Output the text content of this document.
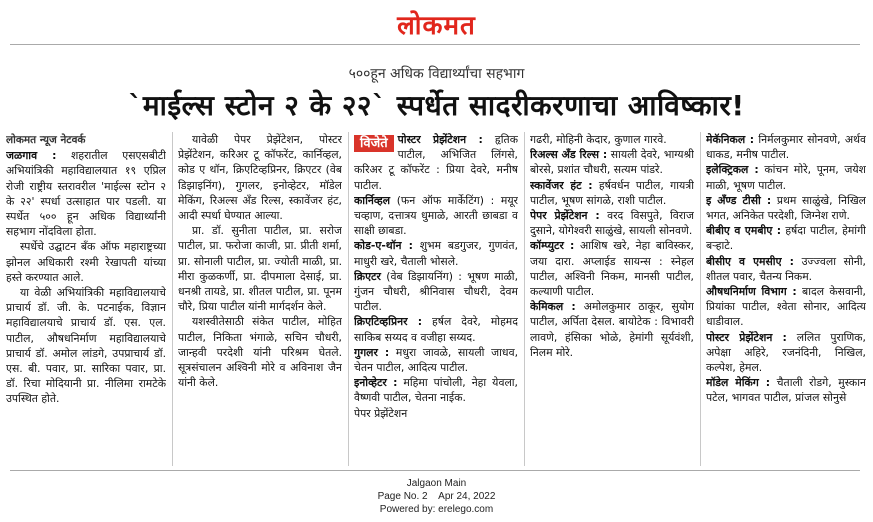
लोकमत
५००हून अधिक विद्यार्थ्यांचा सहभाग
`माईल्स स्टोन २ के २२` स्पर्धेत सादरीकरणाचा आविष्कार!

लोकमत न्यूज नेटवर्क

जळगाव : शहरातील एसएसबीटी अभियांत्रिकी महाविद्यालयात १९ एप्रिल रोजी राष्ट्रीय स्तरावरील 'माईल्स स्टोन २ के २२' स्पर्धा उत्साहात पार पडली. या स्पर्धेत ५०० हून अधिक विद्यार्थ्यांनी सहभाग नोंदविला होता.

स्पर्धेचे उद्घाटन बँक ऑफ महाराष्ट्रच्या झोनल अधिकारी रश्मी रेखापती यांच्या हस्ते करण्यात आले.

या वेळी अभियांत्रिकी महाविद्यालयाचे प्राचार्य डॉ. जी. के. पटनाईक, विज्ञान महाविद्यालयाचे प्राचार्य डॉ. एस. एल. पाटील, औषधनिर्माण महाविद्यालयाचे प्राचार्य डॉ. अमोल लांडगे, उपप्राचार्य डॉ. एस. बी. पवार, प्रा. सारिका पवार, प्रा. डॉ. रिचा मोदियानी प्रा. नीलिमा रामटेके उपस्थित होते.

यावेळी पेपर प्रेझेंटेशन, पोस्टर प्रेझेंटेशन, करिअर टू कॉफरेंट, कार्निव्हल, कोड ए थॉन, क्रिएटिव्हप्रिनर, क्रिएटर (वेब डिझाइनिंग), गुगलर, इनोव्हेटर, मॉडेल मेकिंग, रिअल्स अँड रिल्स, स्कावेंजर हंट, आदी स्पर्धा घेण्यात आल्या.

प्रा. डॉ. सुनीता पाटील, प्रा. सरोज पाटील, प्रा. फरोजा काजी, प्रा. प्रीती शर्मा, प्रा. सोनाली पाटील, प्रा. ज्योती माळी, प्रा. मीरा कुळकर्णी, प्रा. दीपमाला देसाई, प्रा. धनश्री तायडे, प्रा. शीतल पाटील, प्रा. पूनम चौरे, प्रिया पाटील यांनी मार्गदर्शन केले.

यशस्वीतेसाठी संकेत पाटील, मोहित पाटील, निकिता भंगाळे, सचिन चौधरी, जान्हवी परदेशी यांनी परिश्रम घेतले. सूत्रसंचालन अश्विनी मोरे व अविनाश जैन यांनी केले.

विजेते पोस्टर प्रेझेंटेशन : हृतिक पाटील, अभिजित लिंगसे, करिअर टू कॉफरेंट : प्रिया देवरे, मनीष पाटील.

कार्निव्हल (फन ऑफ मार्केटिंग) : मयूर चव्हाण, दत्तात्रय धुमाळे, आरती छाबडा व साक्षी छाबडा.

कोड-ए-थॉन : शुभम बडगुजर, गुणवंत, माधुरी खरे, चैताली भोसले.

क्रिएटर (वेब डिझायनिंग) : भूषण माळी, गुंजन चौधरी, श्रीनिवास चौधरी, देवम पाटील.

क्रिएटिव्हप्रिनर : हर्षल देवरे, मोहमद साकिब सय्यद व वजीहा सय्यद.

गुगलर : मधुरा जावळे, सायली जाधव, चेतन पाटील, आदित्य पाटील.

इनोव्हेटर : महिमा पांचोली, नेहा येवला, वैष्णवी पाटील, चेतना नाईक.

पेपर प्रेझेंटेशन

गढरी, मोहिनी केदार, कुणाल गारवे.

रिअल्स अँड रिल्स : सायली देवरे, भाग्यश्री बोरसे, प्रशांत चौधरी, सत्यम पांडरे.

स्कावेंजर हंट : हर्षवर्धन पाटील, गायत्री पाटील, भूषण सांगळे, राशी पाटील.

पेपर प्रेझेंटेशन : वरद विसपुते, विराज दुसाने, योगेश्वरी साळुंखे, सायली सोनवणे.

कॉम्प्युटर : आशिष खरे, नेहा बाविस्कर, जया दारा. अप्लाईड सायन्स : स्नेहल पाटील, अश्विनी निकम, मानसी पाटील, कल्याणी पाटील.

केमिकल : अमोलकुमार ठाकूर, सुयोग पाटील, अर्पिता देसल. बायोटेक : विभावरी लावणे, हंसिका भोळे, हेमांगी सूर्यवंशी, निलम मोरे.

मेकॅनिकल : निर्मलकुमार सोनवणे, अर्थव धाकड, मनीष पाटील.

इलेक्ट्रिकल : कांचन मोरे, पूनम, जयेश माळी, भूषण पाटील.

इ अँण्ड टीसी : प्रथम साळुंखे, निखिल भगत, अनिकेत परदेशी, जिग्नेश राणे.

बीबीए व एमबीए : हर्षदा पाटील, हेमांगी बऱ्हाटे.

बीसीए व एमसीए : उज्ज्वला सोनी, शीतल पवार, चैतन्य निकम.

औषधनिर्माण विभाग : बादल केसवानी, प्रियांका पाटील, श्वेता सोनार, आदित्य धाडीवाल.

पोस्टर प्रेझेंटेशन : ललित पुराणिक, अपेक्षा अहिरे, रजनंदिनी, निखिल, कल्पेश, हेमल.

मॉडेल मेकिंग : चैताली रोडगे, मुस्कान पटेल, भागवत पाटील, प्रांजल सोनुसे

Jalgaon Main
Page No. 2    Apr 24, 2022
Powered by: erelego.com
